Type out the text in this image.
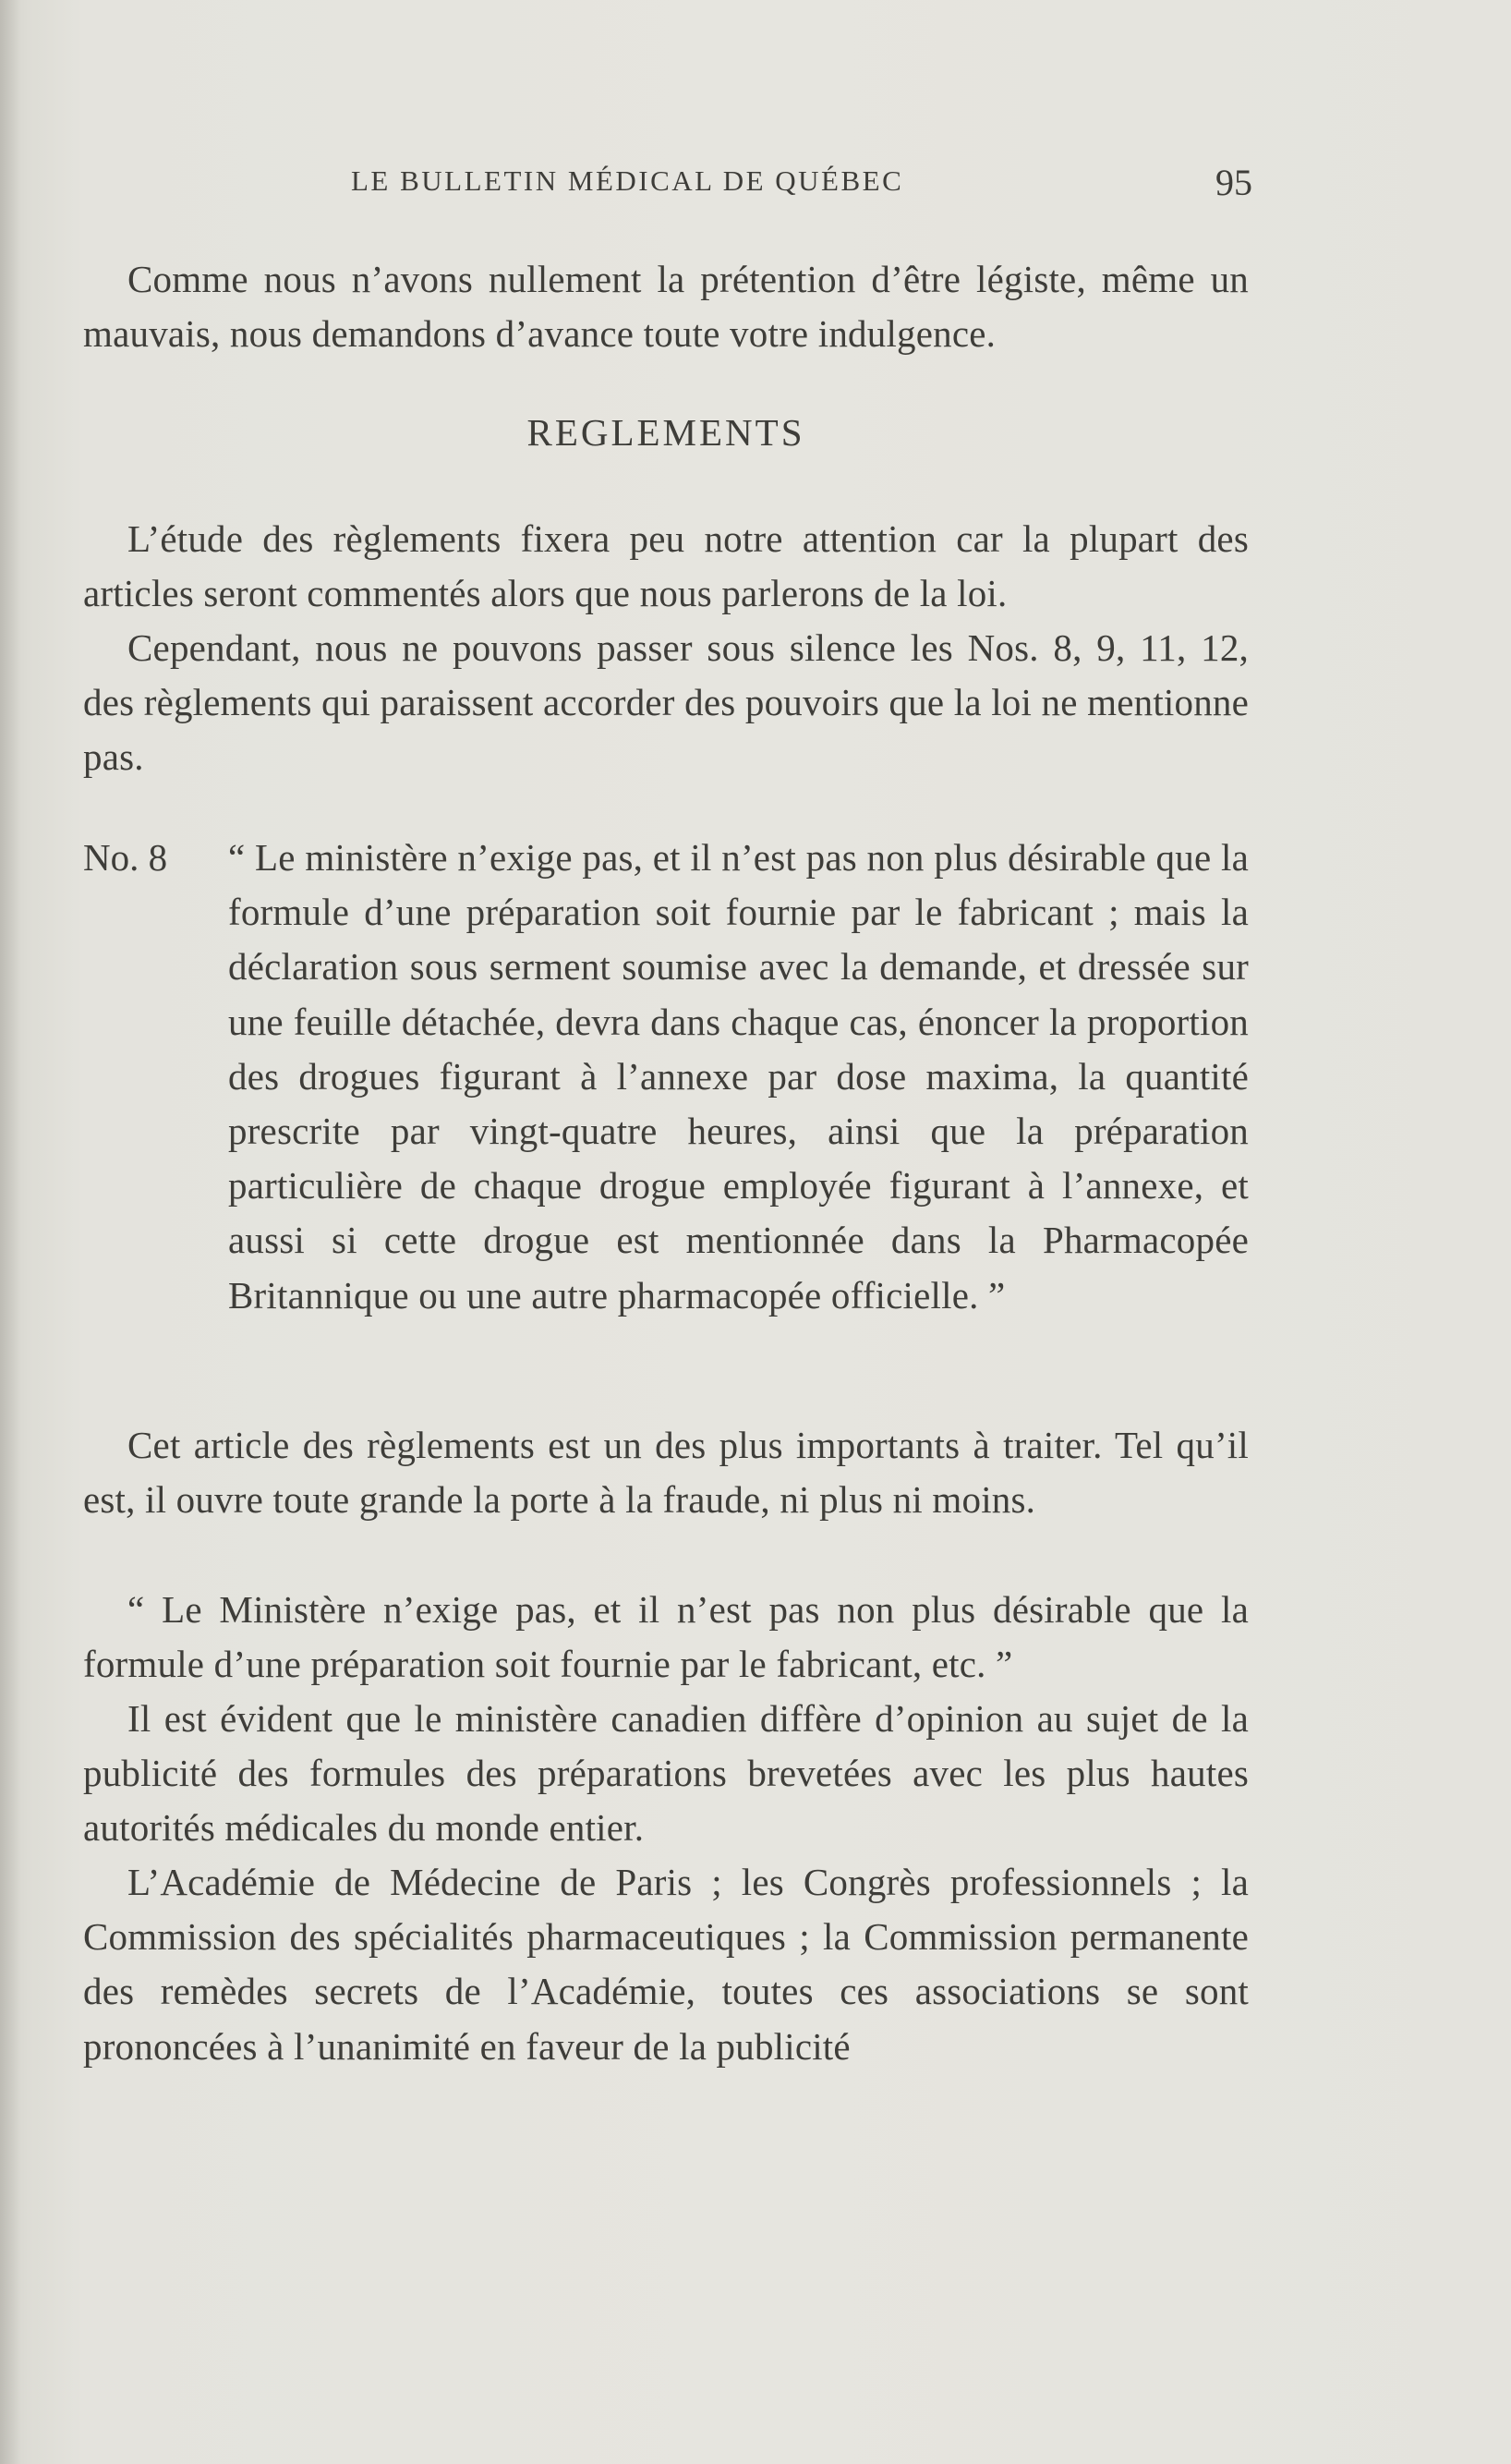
LE BULLETIN MÉDICAL DE QUÉBEC	95

Comme nous n’avons nullement la prétention d’être légiste, même un mauvais, nous demandons d’avance toute votre indulgence.

REGLEMENTS

L’étude des règlements fixera peu notre attention car la plupart des articles seront commentés alors que nous parlerons de la loi.

Cependant, nous ne pouvons passer sous silence les Nos. 8, 9, 11, 12, des règlements qui paraissent accorder des pouvoirs que la loi ne mentionne pas.

No. 8 “ Le ministère n’exige pas, et il n’est pas non plus désirable que la formule d’une préparation soit fournie par le fabricant ; mais la déclaration sous serment soumise avec la demande, et dressée sur une feuille détachée, devra dans chaque cas, énoncer la proportion des drogues figurant à l’annexe par dose maxima, la quantité prescrite par vingt-quatre heures, ainsi que la préparation particulière de chaque drogue employée figurant à l’annexe, et aussi si cette drogue est mentionnée dans la Pharmacopée Britannique ou une autre pharmacopée officielle. ”

Cet article des règlements est un des plus importants à traiter. Tel qu’il est, il ouvre toute grande la porte à la fraude, ni plus ni moins.

“ Le Ministère n’exige pas, et il n’est pas non plus désirable que la formule d’une préparation soit fournie par le fabricant, etc. ”

Il est évident que le ministère canadien diffère d’opinion au sujet de la publicité des formules des préparations brevetées avec les plus hautes autorités médicales du monde entier.

L’Académie de Médecine de Paris ; les Congrès professionnels ; la Commission des spécialités pharmaceutiques ; la Commission permanente des remèdes secrets de l’Académie, toutes ces associations se sont prononcées à l’unanimité en faveur de la publicité
